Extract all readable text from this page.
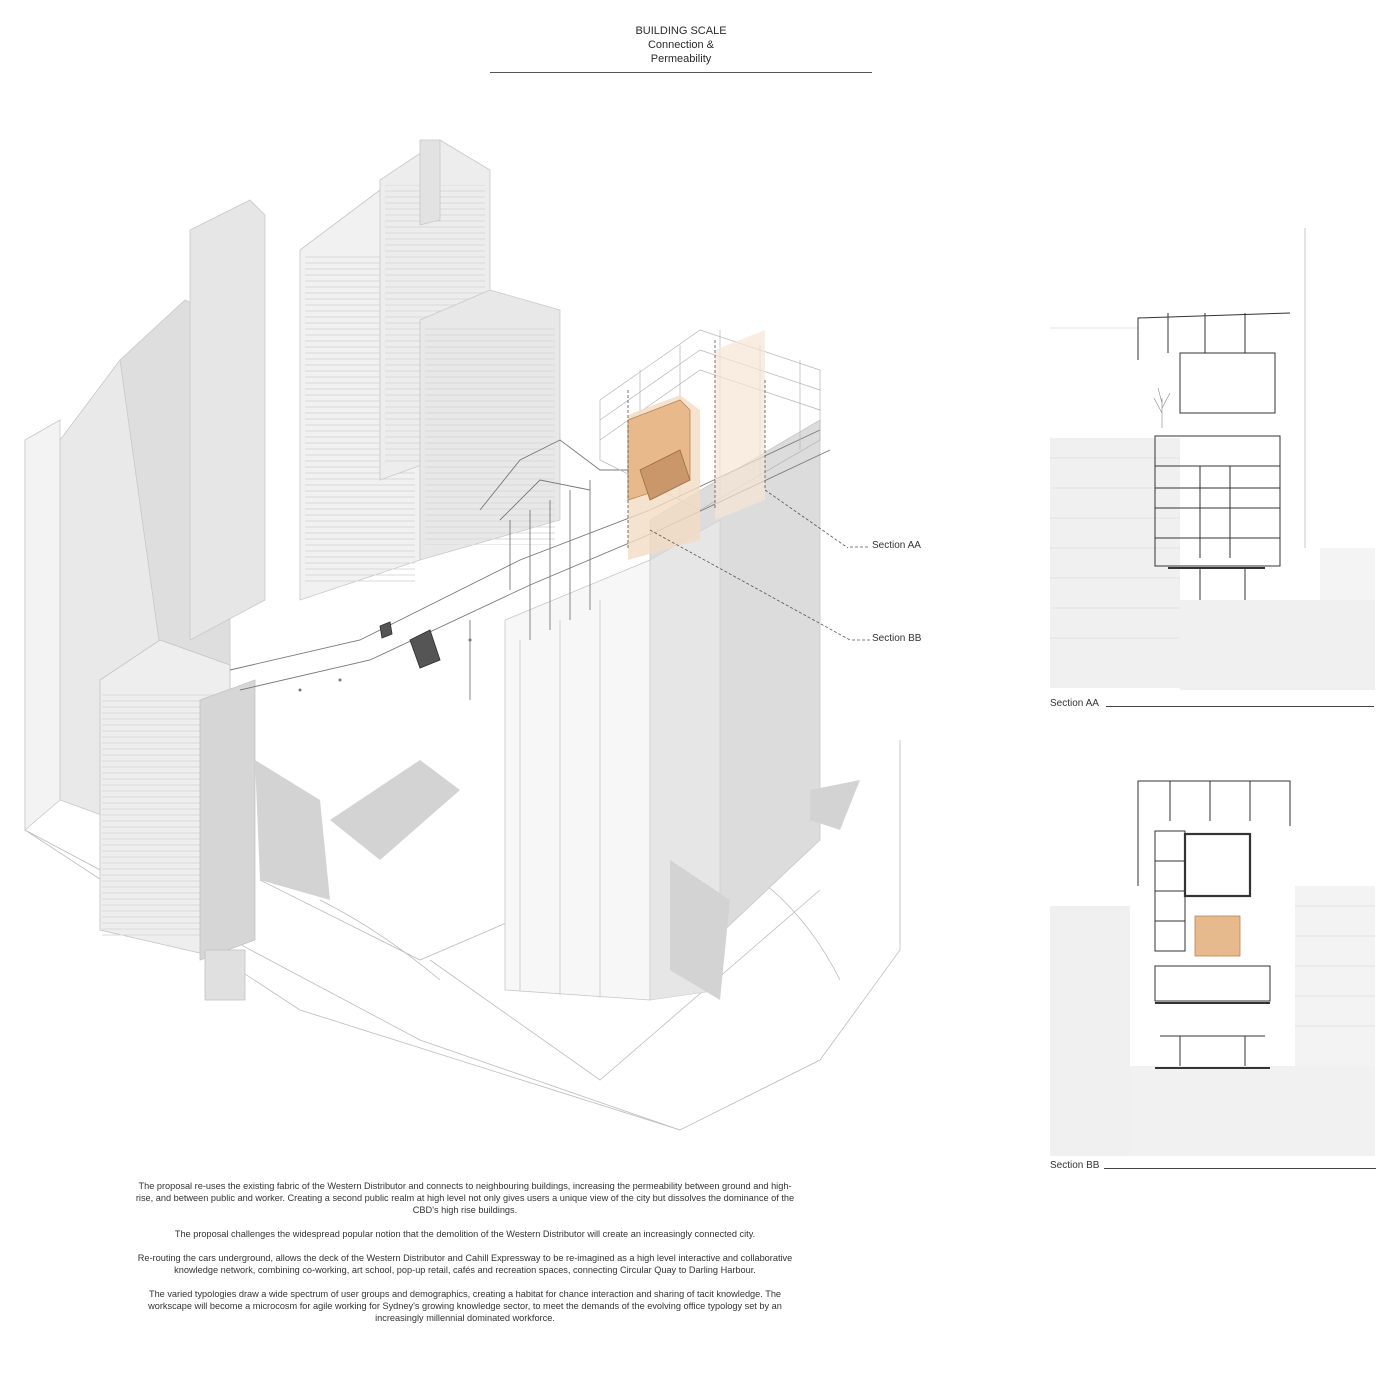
BUILDING SCALE
Connection &
Permeability
Section AA
Section BB
Section AA
Section BB

The proposal re-uses the existing fabric of the Western Distributor and connects to neighbouring buildings, increasing the permeability between ground and high-rise, and between public and worker. Creating a second public realm at high level not only gives users a unique view of the city but dissolves the dominance of the CBD's high rise buildings.

The proposal challenges the widespread popular notion that the demolition of the Western Distributor will create an increasingly connected city.

Re-routing the cars underground, allows the deck of the Western Distributor and Cahill Expressway to be re-imagined as a high level interactive and collaborative knowledge network, combining co-working, art school, pop-up retail, cafés and recreation spaces, connecting Circular Quay to Darling Harbour.

The varied typologies draw a wide spectrum of user groups and demographics, creating a habitat for chance interaction and sharing of tacit knowledge. The workscape will become a microcosm for agile working for Sydney's growing knowledge sector, to meet the demands of the evolving office typology set by an increasingly millennial dominated workforce.
